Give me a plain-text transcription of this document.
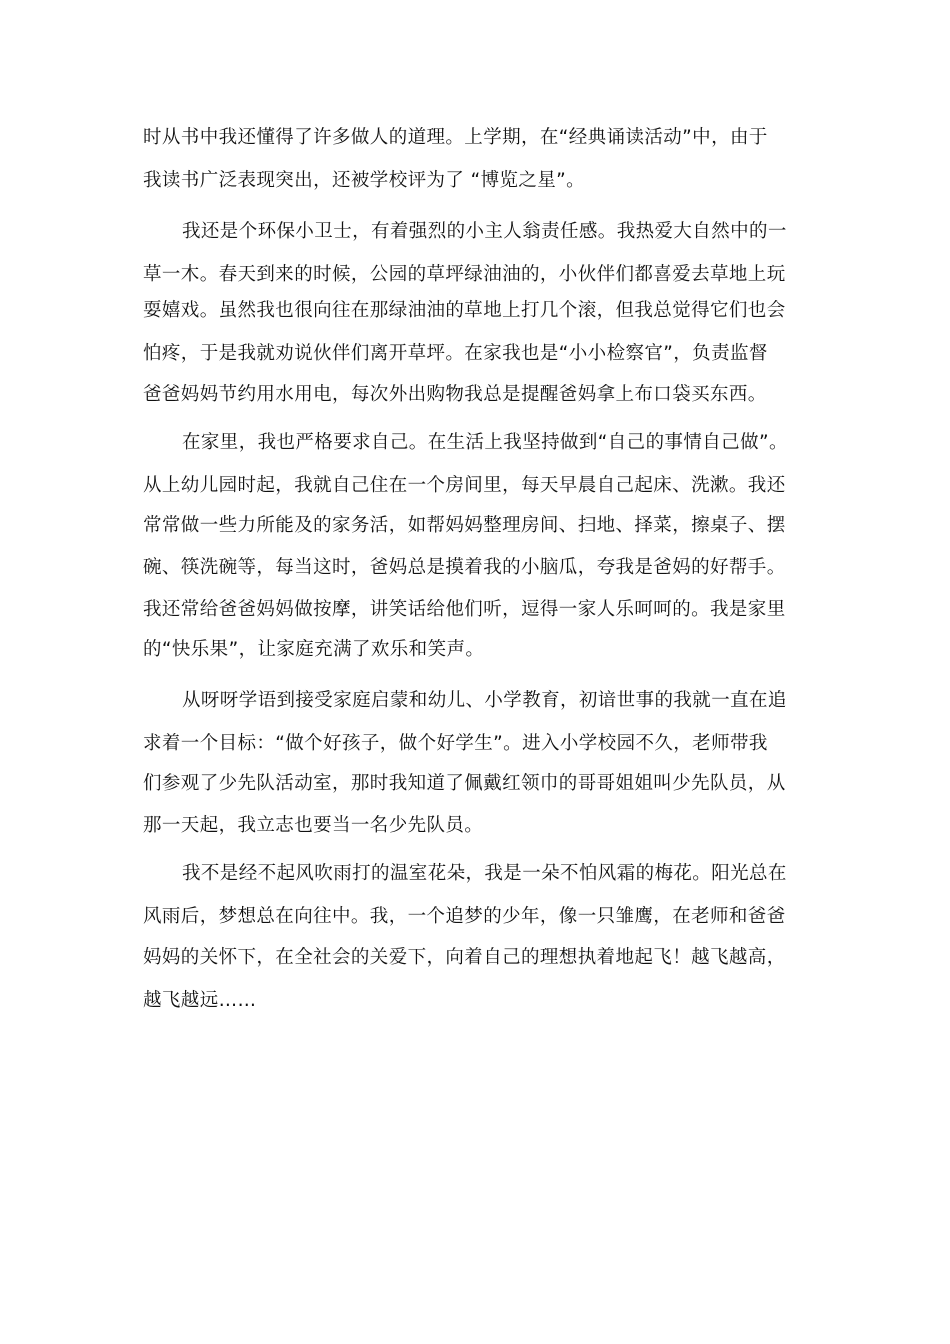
时从书中我还懂得了许多做人的道理。上学期，在“经典诵读活动”中，由于

我读书广泛表现突出，还被学校评为了 “博览之星”。

我还是个环保小卫士，有着强烈的小主人翁责任感。我热爱大自然中的一

草一木。春天到来的时候，公园的草坪绿油油的，小伙伴们都喜爱去草地上玩

耍嬉戏。虽然我也很向往在那绿油油的草地上打几个滚，但我总觉得它们也会

怕疼，于是我就劝说伙伴们离开草坪。在家我也是“小小检察官”，负责监督

爸爸妈妈节约用水用电，每次外出购物我总是提醒爸妈拿上布口袋买东西。

在家里，我也严格要求自己。在生活上我坚持做到“自己的事情自己做”。

从上幼儿园时起，我就自己住在一个房间里，每天早晨自己起床、洗漱。我还

常常做一些力所能及的家务活，如帮妈妈整理房间、扫地、择菜，擦桌子、摆

碗、筷洗碗等，每当这时，爸妈总是摸着我的小脑瓜，夸我是爸妈的好帮手。

我还常给爸爸妈妈做按摩，讲笑话给他们听，逗得一家人乐呵呵的。我是家里

的“快乐果”，让家庭充满了欢乐和笑声。

从呀呀学语到接受家庭启蒙和幼儿、小学教育，初谙世事的我就一直在追

求着一个目标：“做个好孩子，做个好学生”。进入小学校园不久，老师带我

们参观了少先队活动室，那时我知道了佩戴红领巾的哥哥姐姐叫少先队员，从

那一天起，我立志也要当一名少先队员。

我不是经不起风吹雨打的温室花朵，我是一朵不怕风霜的梅花。阳光总在

风雨后，梦想总在向往中。我，一个追梦的少年，像一只雏鹰，在老师和爸爸

妈妈的关怀下，在全社会的关爱下，向着自己的理想执着地起飞！越飞越高，

越飞越远……
